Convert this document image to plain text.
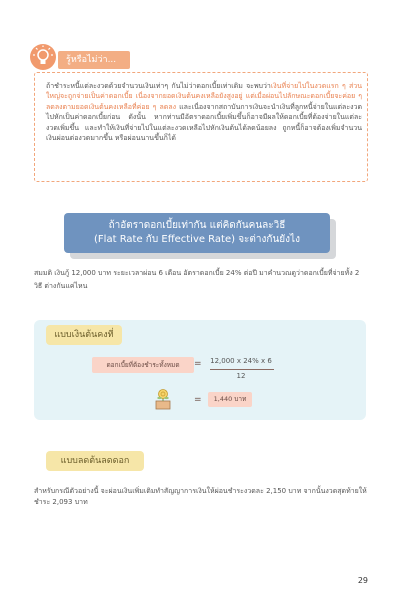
รู้หรือไม่ว่า...

ถ้าชำระหนี้แต่ละงวดด้วยจำนวนเงินเท่าๆ กันไม่ว่าดอกเบี้ยเท่าเดิม จะพบว่าเงินที่จ่ายไปในงวดแรก ๆ ส่วนใหญ่จะถูกจ่ายเป็นค่าดอกเบี้ย เนื่องจากยอดเงินต้นคงเหลือยังสูงอยู่ แต่เมื่อผ่อนไปลักษณะดอกเบี้ยจะค่อย ๆ ลดลงตามยอดเงินต้นคงเหลือที่ค่อย ๆ ลดลง และเนื่องจากสถาบันการเงินจะนำเงินที่ลูกหนี้จ่ายในแต่ละงวดไปหักเป็นค่าดอกเบี้ยก่อน ดังนั้น หากท่านมีอัตราดอกเบี้ยเพิ่มขึ้นก็อาจมีผลให้ดอกเบี้ยที่ต้องจ่ายในแต่ละงวดเพิ่มขึ้น และทำให้เงินที่จ่ายไปในแต่ละงวดเหลือไปหักเงินต้นได้ลดน้อยลง ถูกหนี้ก็อาจต้องเพิ่มจำนวนเงินผ่อนต่องวดมากขึ้น หรือผ่อนนานขึ้นก็ได้

ถ้าอัตราดอกเบี้ยเท่ากัน แต่คิดกันคนละวิธี
(Flat Rate กับ Effective Rate) จะต่างกันยังไง

สมมติ เงินกู้ 12,000 บาท ระยะเวลาผ่อน 6 เดือน อัตราดอกเบี้ย 24% ต่อปี มาคำนวณดูว่าดอกเบี้ยที่จ่ายทั้ง 2 วิธี ต่างกันแค่ไหน

แบบเงินต้นคงที่
ดอกเบี้ยที่ต้องชำระทั้งหมด	=	12,000 x 24% x 6
12
=	1,440 บาท
แบบลดต้นลดดอก

สำหรับกรณีตัวอย่างนี้ จะผ่อนเงินเพิ่มเติมทำสัญญาการเงินให้ผ่อนชำระงวดละ 2,150 บาท จากนั้นงวดสุดท้ายให้ชำระ 2,093 บาท

29
